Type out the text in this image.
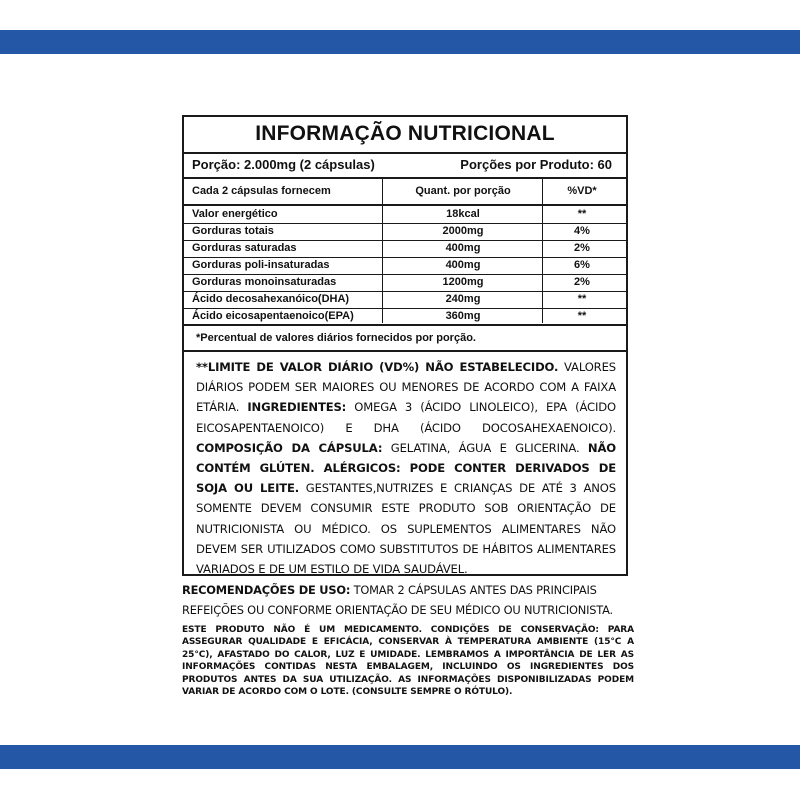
INFORMAÇÃO NUTRICIONAL
Porção: 2.000mg (2 cápsulas)	Porções por Produto: 60
Cada 2 cápsulas fornecem	Quant. por porção	%VD*
Valor energético	18kcal	**
Gorduras totais	2000mg	4%
Gorduras saturadas	400mg	2%
Gorduras poli-insaturadas	400mg	6%
Gorduras monoinsaturadas	1200mg	2%
Ácido decosahexanóico(DHA)	240mg	**
Ácido eicosapentaenoico(EPA)	360mg	**
*Percentual de valores diários fornecidos por porção.
**LIMITE DE VALOR DIÁRIO (VD%) NÃO ESTABELECIDO. VALORES DIÁRIOS PODEM SER MAIORES OU MENORES DE ACORDO COM A FAIXA ETÁRIA. INGREDIENTES: OMEGA 3 (ÁCIDO LINOLEICO), EPA (ÁCIDO EICOSAPENTAENOICO) E DHA (ÁCIDO DOCOSAHEXAENOICO). COMPOSIÇÃO DA CÁPSULA: GELATINA, ÁGUA E GLICERINA. NÃO CONTÉM GLÚTEN. ALÉRGICOS: PODE CONTER DERIVADOS DE SOJA OU LEITE. GESTANTES,NUTRIZES E CRIANÇAS DE ATÉ 3 ANOS SOMENTE DEVEM CONSUMIR ESTE PRODUTO SOB ORIENTAÇÃO DE NUTRICIONISTA OU MÉDICO. OS SUPLEMENTOS ALIMENTARES NÃO DEVEM SER UTILIZADOS COMO SUBSTITUTOS DE HÁBITOS ALIMENTARES VARIADOS E DE UM ESTILO DE VIDA SAUDÁVEL.
RECOMENDAÇÕES DE USO: TOMAR 2 CÁPSULAS ANTES DAS PRINCIPAIS REFEIÇÕES OU CONFORME ORIENTAÇÃO DE SEU MÉDICO OU NUTRICIONISTA.
ESTE PRODUTO NÃO É UM MEDICAMENTO. CONDIÇÕES DE CONSERVAÇÃO: PARA ASSEGURAR QUALIDADE E EFICÁCIA, CONSERVAR À TEMPERATURA AMBIENTE (15°C A 25°C), AFASTADO DO CALOR, LUZ E UMIDADE. LEMBRAMOS A IMPORTÂNCIA DE LER AS INFORMAÇÕES CONTIDAS NESTA EMBALAGEM, INCLUINDO OS INGREDIENTES DOS PRODUTOS ANTES DA SUA UTILIZAÇÃO. AS INFORMAÇÕES DISPONIBILIZADAS PODEM VARIAR DE ACORDO COM O LOTE. (CONSULTE SEMPRE O RÓTULO).
